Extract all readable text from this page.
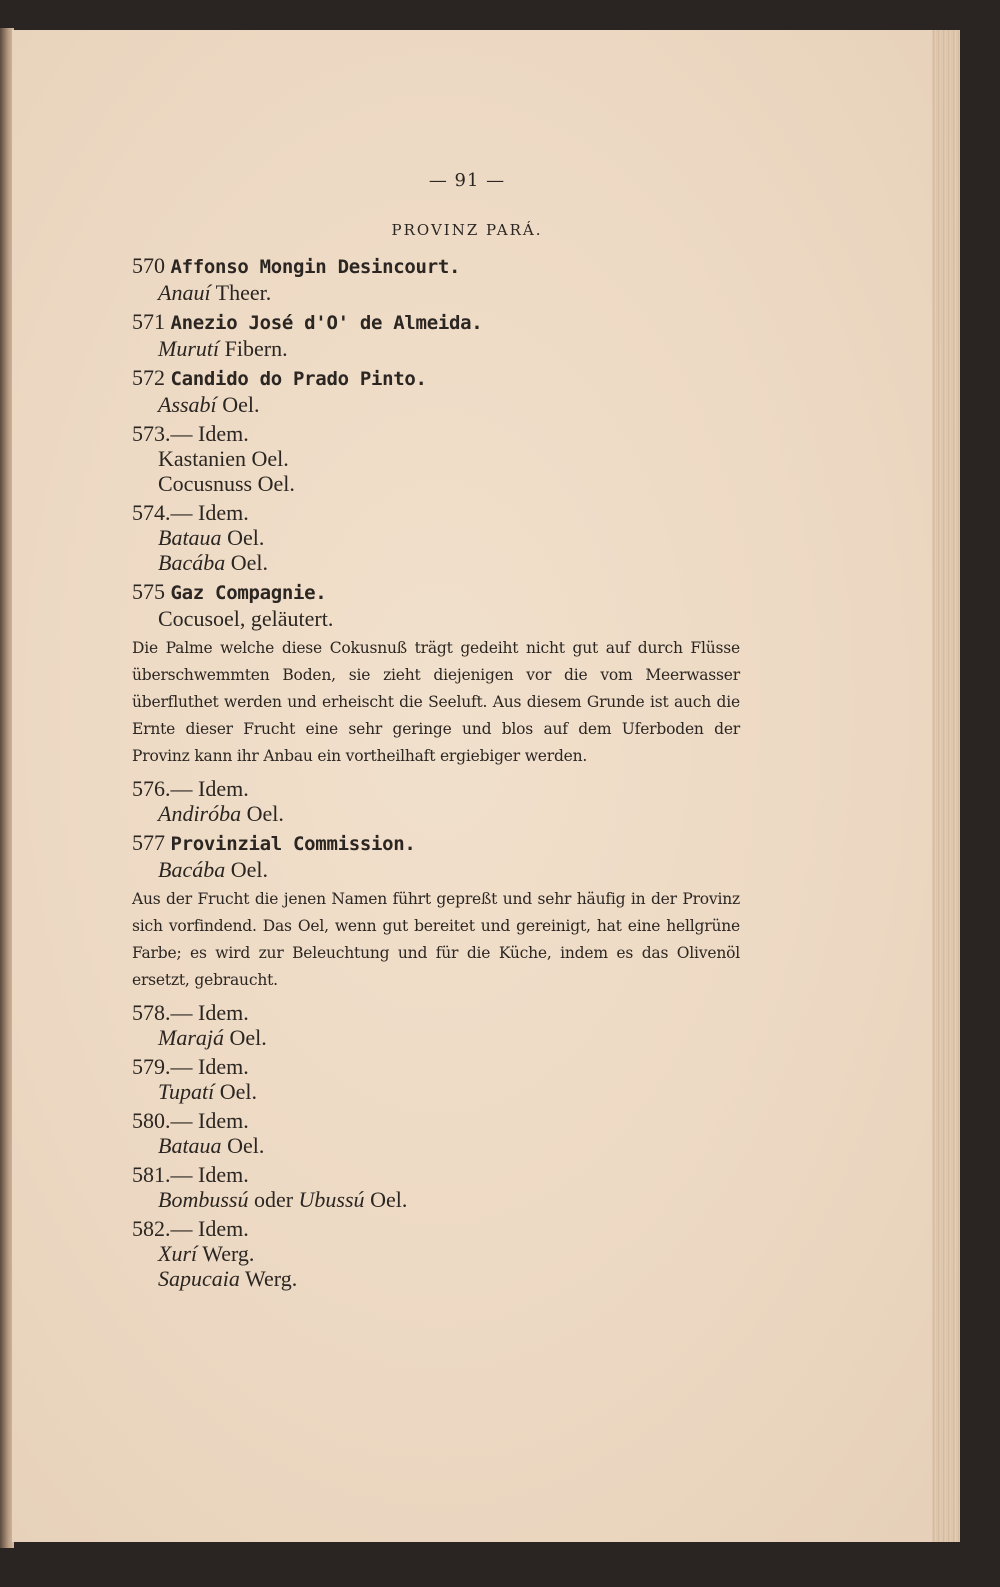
— 91 —
PROVINZ PARÁ.
570 Affonso Mongin Desincourt.
Anauí Theer.
571 Anezio José d'O' de Almeida.
Murutí Fibern.
572 Candido do Prado Pinto.
Assabí Oel.
573.— Idem.
Kastanien Oel.
Cocusnuss Oel.
574.— Idem.
Bataua Oel.
Bacába Oel.
575 Gaz Compagnie.
Cocusoel, geläutert.
Die Palme welche diese Cokusnuß trägt gedeiht nicht gut auf durch Flüsse überschwemmten Boden, sie zieht diejenigen vor die vom Meerwasser überfluthet werden und erheischt die Seeluft. Aus diesem Grunde ist auch die Ernte dieser Frucht eine sehr geringe und blos auf dem Uferboden der Provinz kann ihr Anbau ein vortheilhaft ergiebiger werden.
576.— Idem.
Andiróba Oel.
577 Provinzial Commission.
Bacába Oel.
Aus der Frucht die jenen Namen führt gepreßt und sehr häufig in der Provinz sich vorfindend. Das Oel, wenn gut bereitet und gereinigt, hat eine hellgrüne Farbe; es wird zur Beleuchtung und für die Küche, indem es das Olivenöl ersetzt, gebraucht.
578.— Idem.
Marajá Oel.
579.— Idem.
Tupatí Oel.
580.— Idem.
Bataua Oel.
581.— Idem.
Bombussú oder Ubussú Oel.
582.— Idem.
Xurí Werg.
Sapucaia Werg.
